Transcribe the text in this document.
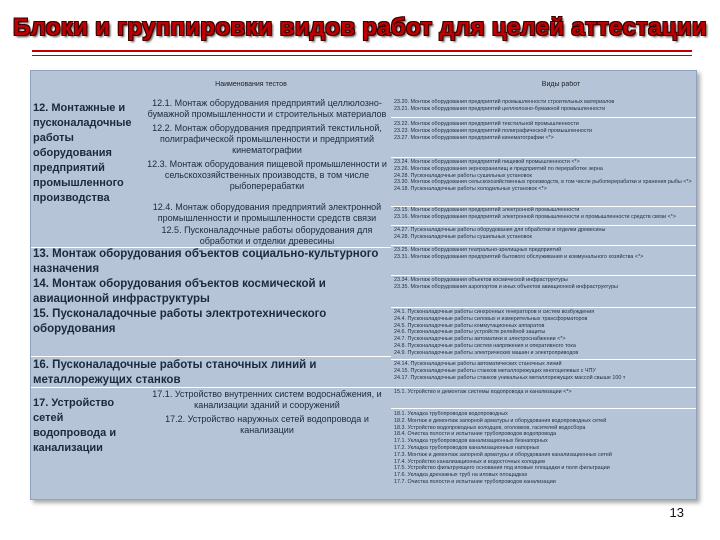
Блоки и группировки видов работ для целей аттестации
Наименования тестов	Виды работ
12. Монтажные и пусконаладочные работы оборудования предприятий промышленного производства
12.1. Монтаж оборудования предприятий целлюлозно-бумажной промышленности и строительных материалов
12.2. Монтаж оборудования предприятий текстильной, полиграфической промышленности и предприятий кинематографии
12.3. Монтаж оборудования пищевой промышленности и сельскохозяйственных производств, в том числе рыбоперерабатки
12.4. Монтаж оборудования предприятий электронной промышленности и промышленности средств связи
12.5. Пусконаладочные работы оборудования для обработки и отделки древесины
13. Монтаж оборудования объектов социально-культурного назначения
14. Монтаж оборудования объектов космической и авиационной инфраструктуры
15. Пусконаладочные работы электротехнического оборудования
16. Пусконаладочные работы станочных линий и металлорежущих станков
17. Устройство сетей водопровода и канализации
17.1. Устройство внутренних систем водоснабжения, и канализации зданий и сооружений
17.2. Устройство наружных сетей водопровода и канализации
23.20. Монтаж оборудования предприятий промышленности строительных материалов
23.21. Монтаж оборудования предприятий целлюлозно-бумажной промышленности
23.22. Монтаж оборудования предприятий текстильной промышленности
23.23. Монтаж оборудования предприятий полиграфической промышленности
23.27. Монтаж оборудования предприятий кинематографии <*>
23.24. Монтаж оборудования предприятий пищевой промышленности <*>
23.26. Монтаж оборудования зернохранилищ и предприятий по переработке зерна
24.28. Пусконаладочные работы сушильных установок
23.30. Монтаж оборудования сельскохозяйственных производств, в том числе рыбоперерабатки и хранения рыбы <*>
24.18. Пусконаладочные работы холодильных установок <*>
23.15. Монтаж оборудования предприятий электронной промышленности
23.16. Монтаж оборудования предприятий электронной промышленности и промышленности средств связи <*>
24.27. Пусконаладочные работы оборудования для обработки и отделки древесины
24.28. Пусконаладочные работы сушильных установок
23.25. Монтаж оборудования театрально-зрелищных предприятий
23.31. Монтаж оборудования предприятий бытового обслуживания и коммунального хозяйства <*>
23.34. Монтаж оборудования объектов космической инфраструктуры
23.35. Монтаж оборудования аэропортов и иных объектов авиационной инфраструктуры
24.1. Пусконаладочные работы синхронных генераторов и систем возбуждения
24.4. Пусконаладочные работы силовых и измерительных трансформаторов
24.5. Пусконаладочные работы коммутационных аппаратов
24.6. Пусконаладочные работы устройств релейной защиты
24.7. Пусконаладочные работы автоматики в электроснабжении <*>
24.8. Пусконаладочные работы систем напряжения и оперативного тока
24.9. Пусконаладочные работы электрических машин и электроприводов
24.14. Пусконаладочные работы автоматических станочных линий
24.15. Пусконаладочные работы станков металлорежущих многоцелевых с ЧПУ
24.17. Пусконаладочные работы станков уникальных металлорежущих массой свыше 100 т
15.1. Устройство и демонтаж системы водопровода и канализации <*>
18.1. Укладка трубопроводов водопроводных
18.2. Монтаж и демонтаж запорной арматуры и оборудования водопроводных сетей
18.3. Устройство водопроводных колодцев, оголовков, гасителей водосбора
18.4. Очистка полости и испытание трубопроводов водопровода
17.1. Укладка трубопроводов канализационных безнапорных
17.2. Укладка трубопроводов канализационных напорных
17.3. Монтаж и демонтаж запорной арматуры и оборудования канализационных сетей
17.4. Устройство канализационных и водосточных колодцев
17.5. Устройство фильтрующего основания под иловые площадки и поля фильтрации
17.6. Укладка дренажных труб на иловых площадках
17.7. Очистка полости и испытание трубопроводов канализации
13
